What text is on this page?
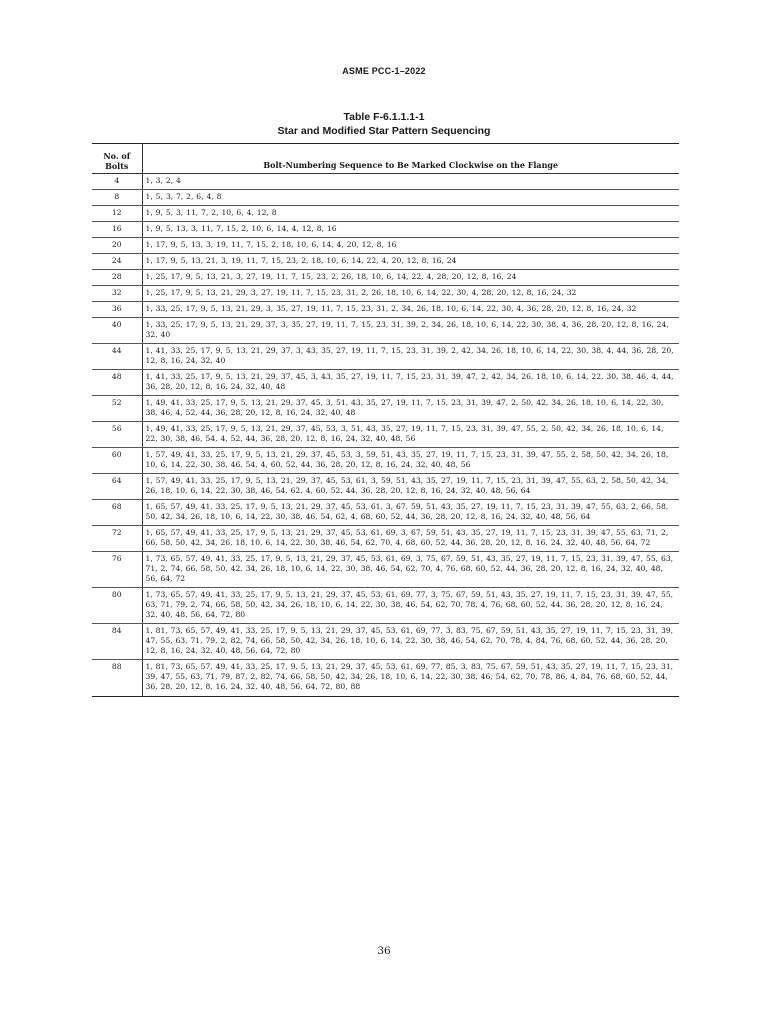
ASME PCC-1–2022
Table F-6.1.1.1-1
Star and Modified Star Pattern Sequencing
No. of Bolts	Bolt-Numbering Sequence to Be Marked Clockwise on the Flange
4	1, 3, 2, 4
8	1, 5, 3, 7, 2, 6, 4, 8
12	1, 9, 5, 3, 11, 7, 2, 10, 6, 4, 12, 8
16	1, 9, 5, 13, 3, 11, 7, 15, 2, 10, 6, 14, 4, 12, 8, 16
20	1, 17, 9, 5, 13, 3, 19, 11, 7, 15, 2, 18, 10, 6, 14, 4, 20, 12, 8, 16
24	1, 17, 9, 5, 13, 21, 3, 19, 11, 7, 15, 23, 2, 18, 10, 6, 14, 22, 4, 20, 12, 8, 16, 24
28	1, 25, 17, 9, 5, 13, 21, 3, 27, 19, 11, 7, 15, 23, 2, 26, 18, 10, 6, 14, 22, 4, 28, 20, 12, 8, 16, 24
32	1, 25, 17, 9, 5, 13, 21, 29, 3, 27, 19, 11, 7, 15, 23, 31, 2, 26, 18, 10, 6, 14, 22, 30, 4, 28, 20, 12, 8, 16, 24, 32
36	1, 33, 25, 17, 9, 5, 13, 21, 29, 3, 35, 27, 19, 11, 7, 15, 23, 31, 2, 34, 26, 18, 10, 6, 14, 22, 30, 4, 36, 28, 20, 12, 8, 16, 24, 32
40	1, 33, 25, 17, 9, 5, 13, 21, 29, 37, 3, 35, 27, 19, 11, 7, 15, 23, 31, 39, 2, 34, 26, 18, 10, 6, 14, 22, 30, 38, 4, 36, 28, 20, 12, 8, 16, 24, 32, 40
44	1, 41, 33, 25, 17, 9, 5, 13, 21, 29, 37, 3, 43, 35, 27, 19, 11, 7, 15, 23, 31, 39, 2, 42, 34, 26, 18, 10, 6, 14, 22, 30, 38, 4, 44, 36, 28, 20, 12, 8, 16, 24, 32, 40
48	1, 41, 33, 25, 17, 9, 5, 13, 21, 29, 37, 45, 3, 43, 35, 27, 19, 11, 7, 15, 23, 31, 39, 47, 2, 42, 34, 26, 18, 10, 6, 14, 22, 30, 38, 46, 4, 44, 36, 28, 20, 12, 8, 16, 24, 32, 40, 48
52	1, 49, 41, 33, 25, 17, 9, 5, 13, 21, 29, 37, 45, 3, 51, 43, 35, 27, 19, 11, 7, 15, 23, 31, 39, 47, 2, 50, 42, 34, 26, 18, 10, 6, 14, 22, 30, 38, 46, 4, 52, 44, 36, 28, 20, 12, 8, 16, 24, 32, 40, 48
56	1, 49, 41, 33, 25, 17, 9, 5, 13, 21, 29, 37, 45, 53, 3, 51, 43, 35, 27, 19, 11, 7, 15, 23, 31, 39, 47, 55, 2, 50, 42, 34, 26, 18, 10, 6, 14, 22, 30, 38, 46, 54, 4, 52, 44, 36, 28, 20, 12, 8, 16, 24, 32, 40, 48, 56
60	1, 57, 49, 41, 33, 25, 17, 9, 5, 13, 21, 29, 37, 45, 53, 3, 59, 51, 43, 35, 27, 19, 11, 7, 15, 23, 31, 39, 47, 55, 2, 58, 50, 42, 34, 26, 18, 10, 6, 14, 22, 30, 38, 46, 54, 4, 60, 52, 44, 36, 28, 20, 12, 8, 16, 24, 32, 40, 48, 56
64	1, 57, 49, 41, 33, 25, 17, 9, 5, 13, 21, 29, 37, 45, 53, 61, 3, 59, 51, 43, 35, 27, 19, 11, 7, 15, 23, 31, 39, 47, 55, 63, 2, 58, 50, 42, 34, 26, 18, 10, 6, 14, 22, 30, 38, 46, 54, 62, 4, 60, 52, 44, 36, 28, 20, 12, 8, 16, 24, 32, 40, 48, 56, 64
68	1, 65, 57, 49, 41, 33, 25, 17, 9, 5, 13, 21, 29, 37, 45, 53, 61, 3, 67, 59, 51, 43, 35, 27, 19, 11, 7, 15, 23, 31, 39, 47, 55, 63, 2, 66, 58, 50, 42, 34, 26, 18, 10, 6, 14, 22, 30, 38, 46, 54, 62, 4, 68, 60, 52, 44, 36, 28, 20, 12, 8, 16, 24, 32, 40, 48, 56, 64
72	1, 65, 57, 49, 41, 33, 25, 17, 9, 5, 13, 21, 29, 37, 45, 53, 61, 69, 3, 67, 59, 51, 43, 35, 27, 19, 11, 7, 15, 23, 31, 39, 47, 55, 63, 71, 2, 66, 58, 50, 42, 34, 26, 18, 10, 6, 14, 22, 30, 38, 46, 54, 62, 70, 4, 68, 60, 52, 44, 36, 28, 20, 12, 8, 16, 24, 32, 40, 48, 56, 64, 72
76	1, 73, 65, 57, 49, 41, 33, 25, 17, 9, 5, 13, 21, 29, 37, 45, 53, 61, 69, 3, 75, 67, 59, 51, 43, 35, 27, 19, 11, 7, 15, 23, 31, 39, 47, 55, 63, 71, 2, 74, 66, 58, 50, 42, 34, 26, 18, 10, 6, 14, 22, 30, 38, 46, 54, 62, 70, 4, 76, 68, 60, 52, 44, 36, 28, 20, 12, 8, 16, 24, 32, 40, 48, 56, 64, 72
80	1, 73, 65, 57, 49, 41, 33, 25, 17, 9, 5, 13, 21, 29, 37, 45, 53, 61, 69, 77, 3, 75, 67, 59, 51, 43, 35, 27, 19, 11, 7, 15, 23, 31, 39, 47, 55, 63, 71, 79, 2, 74, 66, 58, 50, 42, 34, 26, 18, 10, 6, 14, 22, 30, 38, 46, 54, 62, 70, 78, 4, 76, 68, 60, 52, 44, 36, 28, 20, 12, 8, 16, 24, 32, 40, 48, 56, 64, 72, 80
84	1, 81, 73, 65, 57, 49, 41, 33, 25, 17, 9, 5, 13, 21, 29, 37, 45, 53, 61, 69, 77, 3, 83, 75, 67, 59, 51, 43, 35, 27, 19, 11, 7, 15, 23, 31, 39, 47, 55, 63, 71, 79, 2, 82, 74, 66, 58, 50, 42, 34, 26, 18, 10, 6, 14, 22, 30, 38, 46, 54, 62, 70, 78, 4, 84, 76, 68, 60, 52, 44, 36, 28, 20, 12, 8, 16, 24, 32, 40, 48, 56, 64, 72, 80
88	1, 81, 73, 65, 57, 49, 41, 33, 25, 17, 9, 5, 13, 21, 29, 37, 45, 53, 61, 69, 77, 85, 3, 83, 75, 67, 59, 51, 43, 35, 27, 19, 11, 7, 15, 23, 31, 39, 47, 55, 63, 71, 79, 87, 2, 82, 74, 66, 58, 50, 42, 34, 26, 18, 10, 6, 14, 22, 30, 38, 46, 54, 62, 70, 78, 86, 4, 84, 76, 68, 60, 52, 44, 36, 28, 20, 12, 8, 16, 24, 32, 40, 48, 56, 64, 72, 80, 88
36
